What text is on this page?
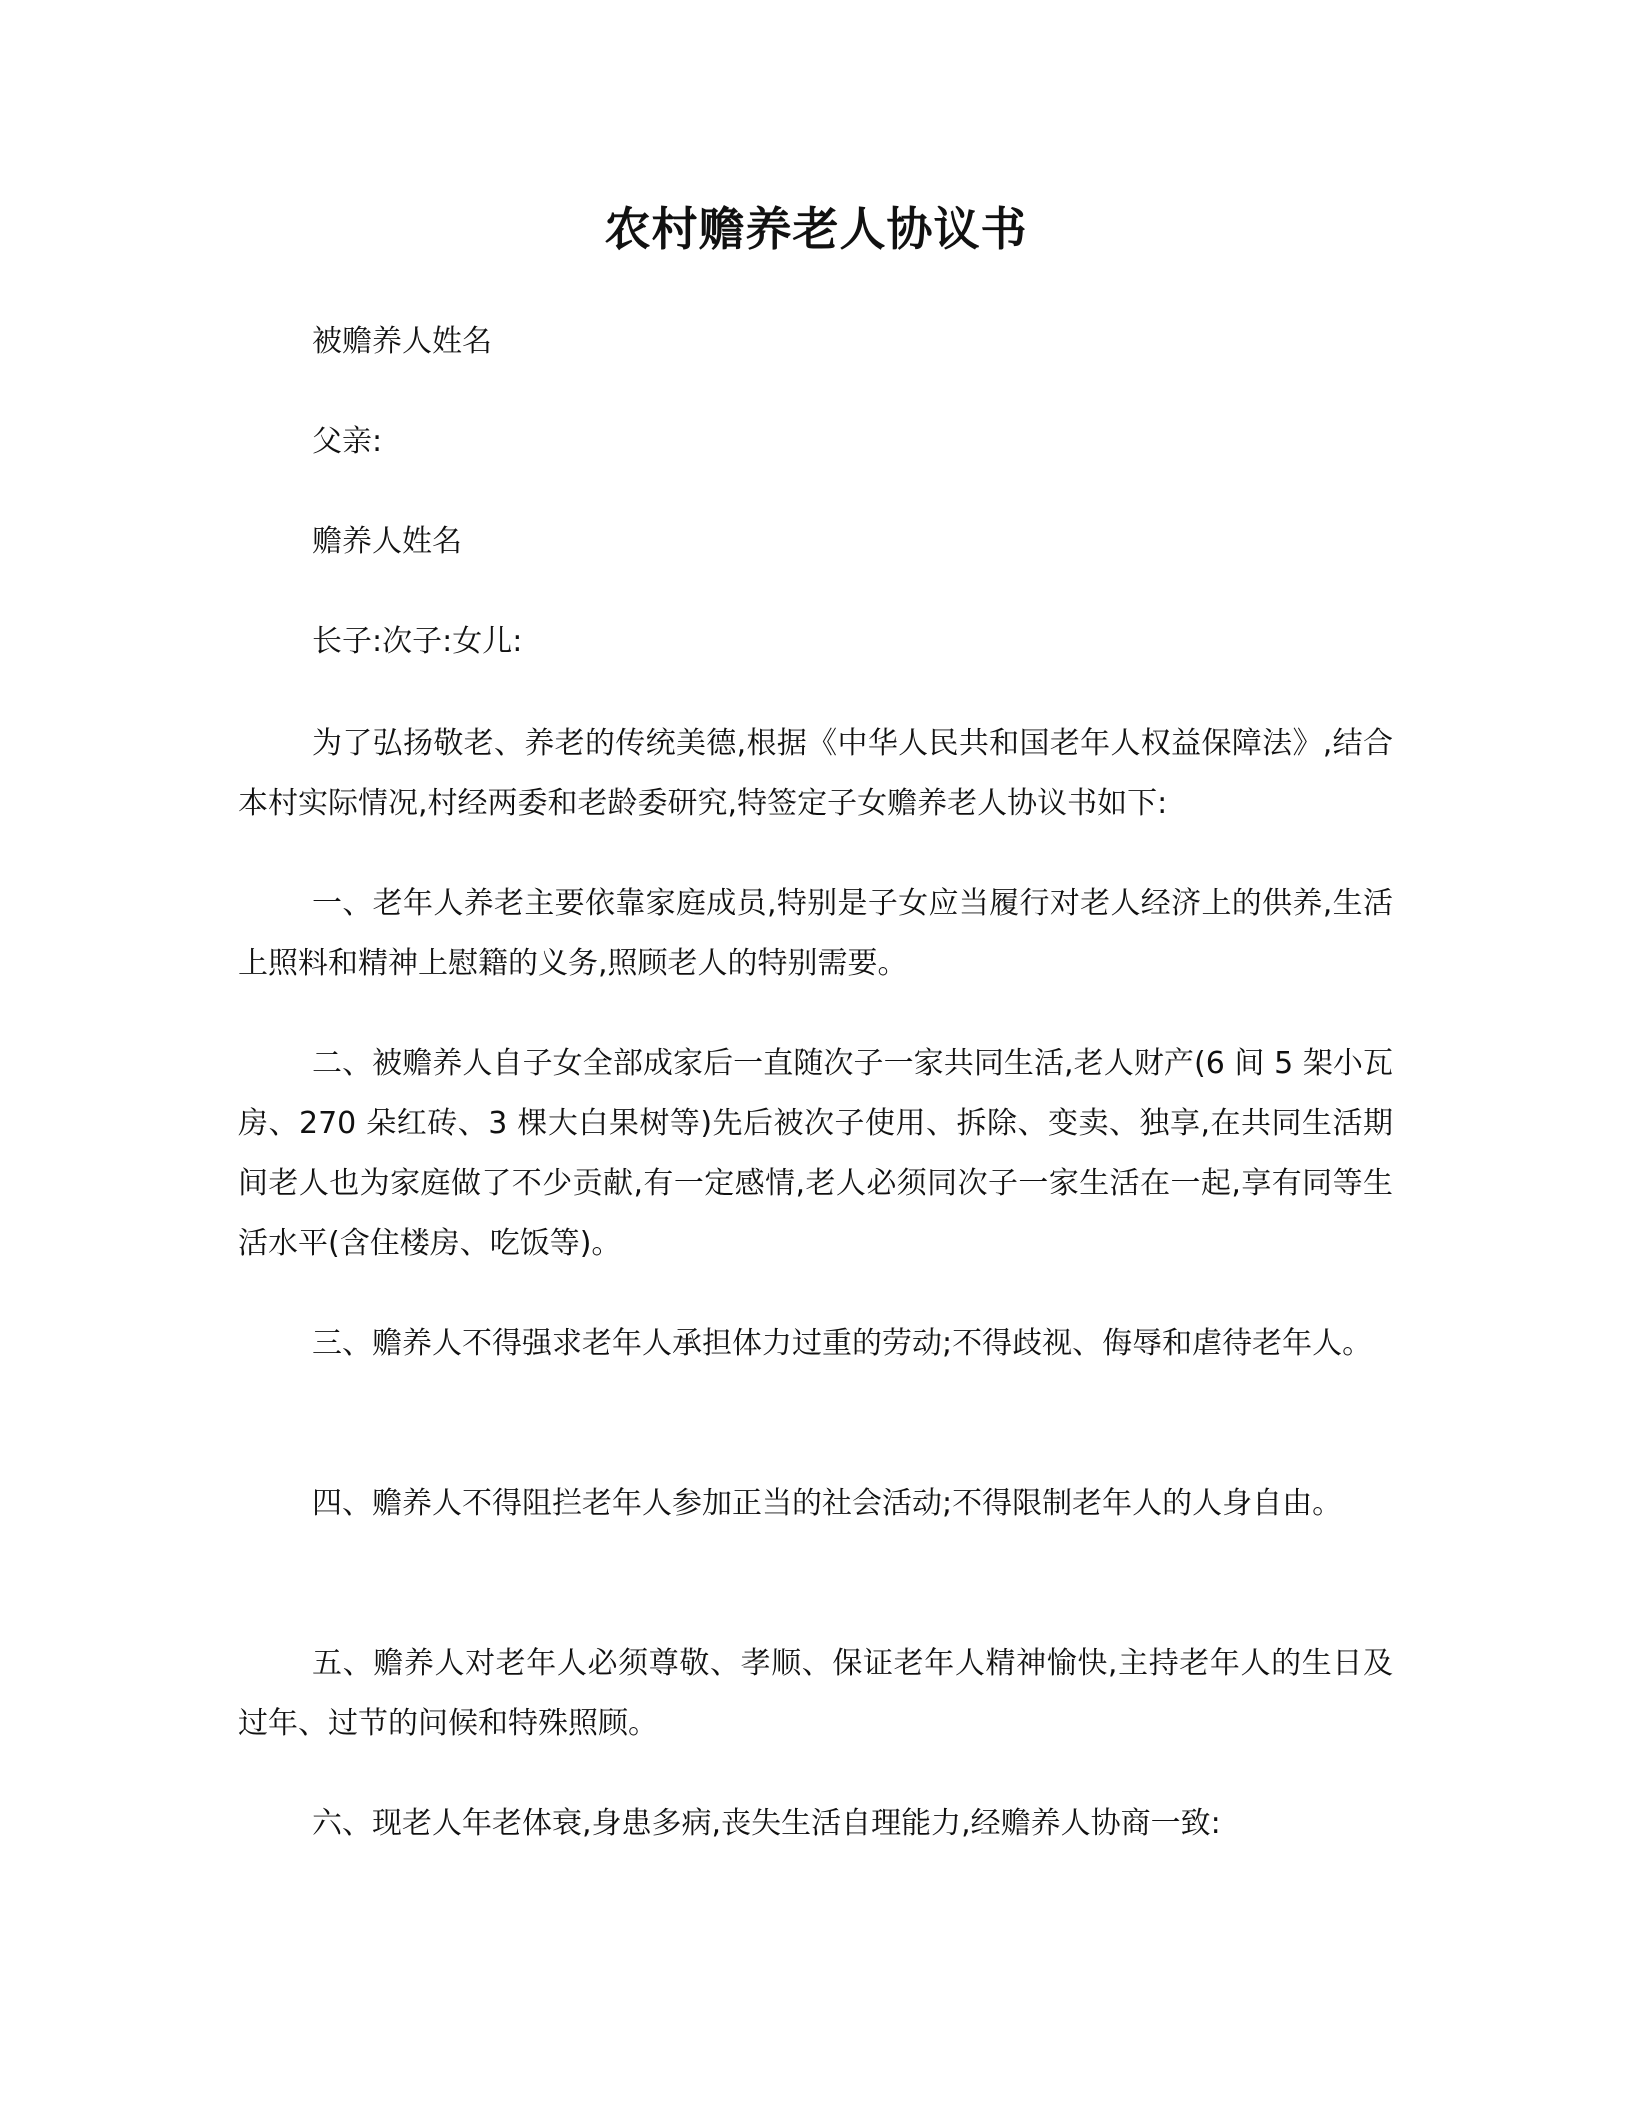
农村赡养老人协议书
被赡养人姓名
父亲:
赡养人姓名
长子:次子:女儿:

为了弘扬敬老、养老的传统美德,根据《中华人民共和国老年人权益保障法》,结合本村实际情况,村经两委和老龄委研究,特签定子女赡养老人协议书如下:

一、老年人养老主要依靠家庭成员,特别是子女应当履行对老人经济上的供养,生活上照料和精神上慰籍的义务,照顾老人的特别需要。

二、被赡养人自子女全部成家后一直随次子一家共同生活,老人财产(6 间 5 架小瓦房、270 朵红砖、3 棵大白果树等)先后被次子使用、拆除、变卖、独享,在共同生活期间老人也为家庭做了不少贡献,有一定感情,老人必须同次子一家生活在一起,享有同等生活水平(含住楼房、吃饭等)。

三、赡养人不得强求老年人承担体力过重的劳动;不得歧视、侮辱和虐待老年人。

四、赡养人不得阻拦老年人参加正当的社会活动;不得限制老年人的人身自由。

五、赡养人对老年人必须尊敬、孝顺、保证老年人精神愉快,主持老年人的生日及过年、过节的问候和特殊照顾。

六、现老人年老体衰,身患多病,丧失生活自理能力,经赡养人协商一致:
